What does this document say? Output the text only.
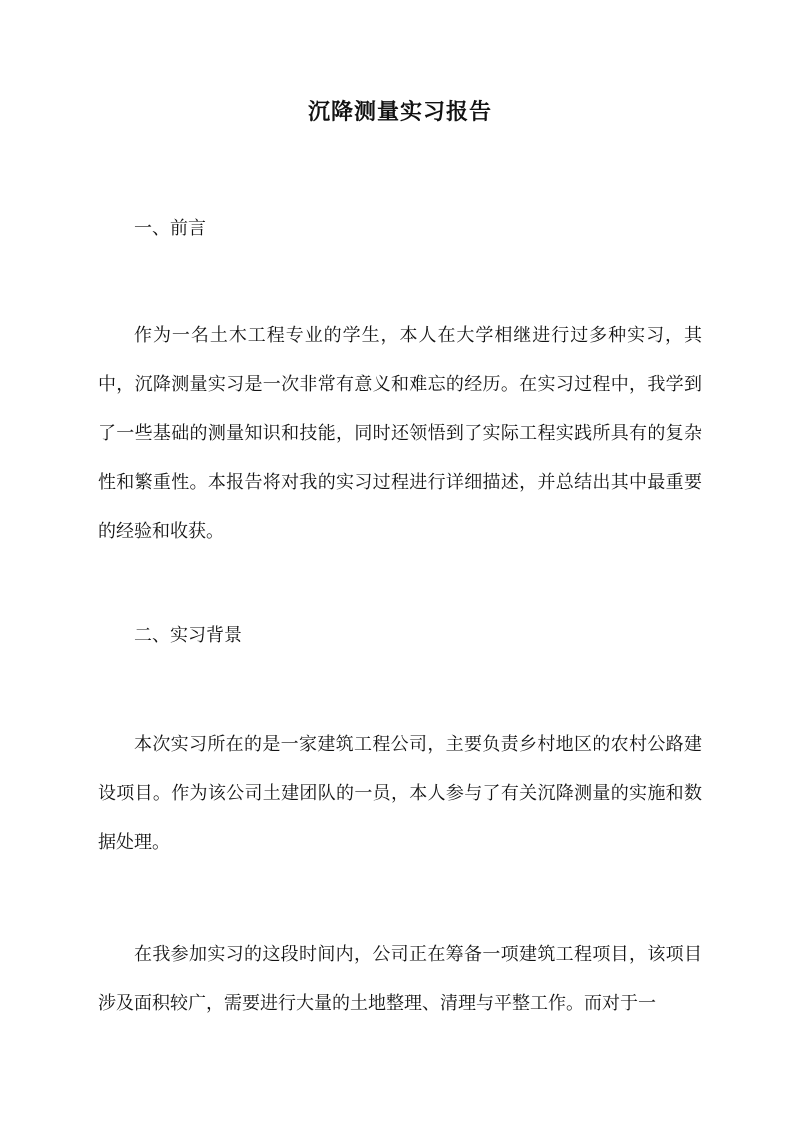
沉降测量实习报告
一、前言

作为一名土木工程专业的学生，本人在大学相继进行过多种实习，其中，沉降测量实习是一次非常有意义和难忘的经历。在实习过程中，我学到了一些基础的测量知识和技能，同时还领悟到了实际工程实践所具有的复杂性和繁重性。本报告将对我的实习过程进行详细描述，并总结出其中最重要的经验和收获。

二、实习背景

本次实习所在的是一家建筑工程公司，主要负责乡村地区的农村公路建设项目。作为该公司土建团队的一员，本人参与了有关沉降测量的实施和数据处理。

在我参加实习的这段时间内，公司正在筹备一项建筑工程项目，该项目涉及面积较广，需要进行大量的土地整理、清理与平整工作。而对于一
